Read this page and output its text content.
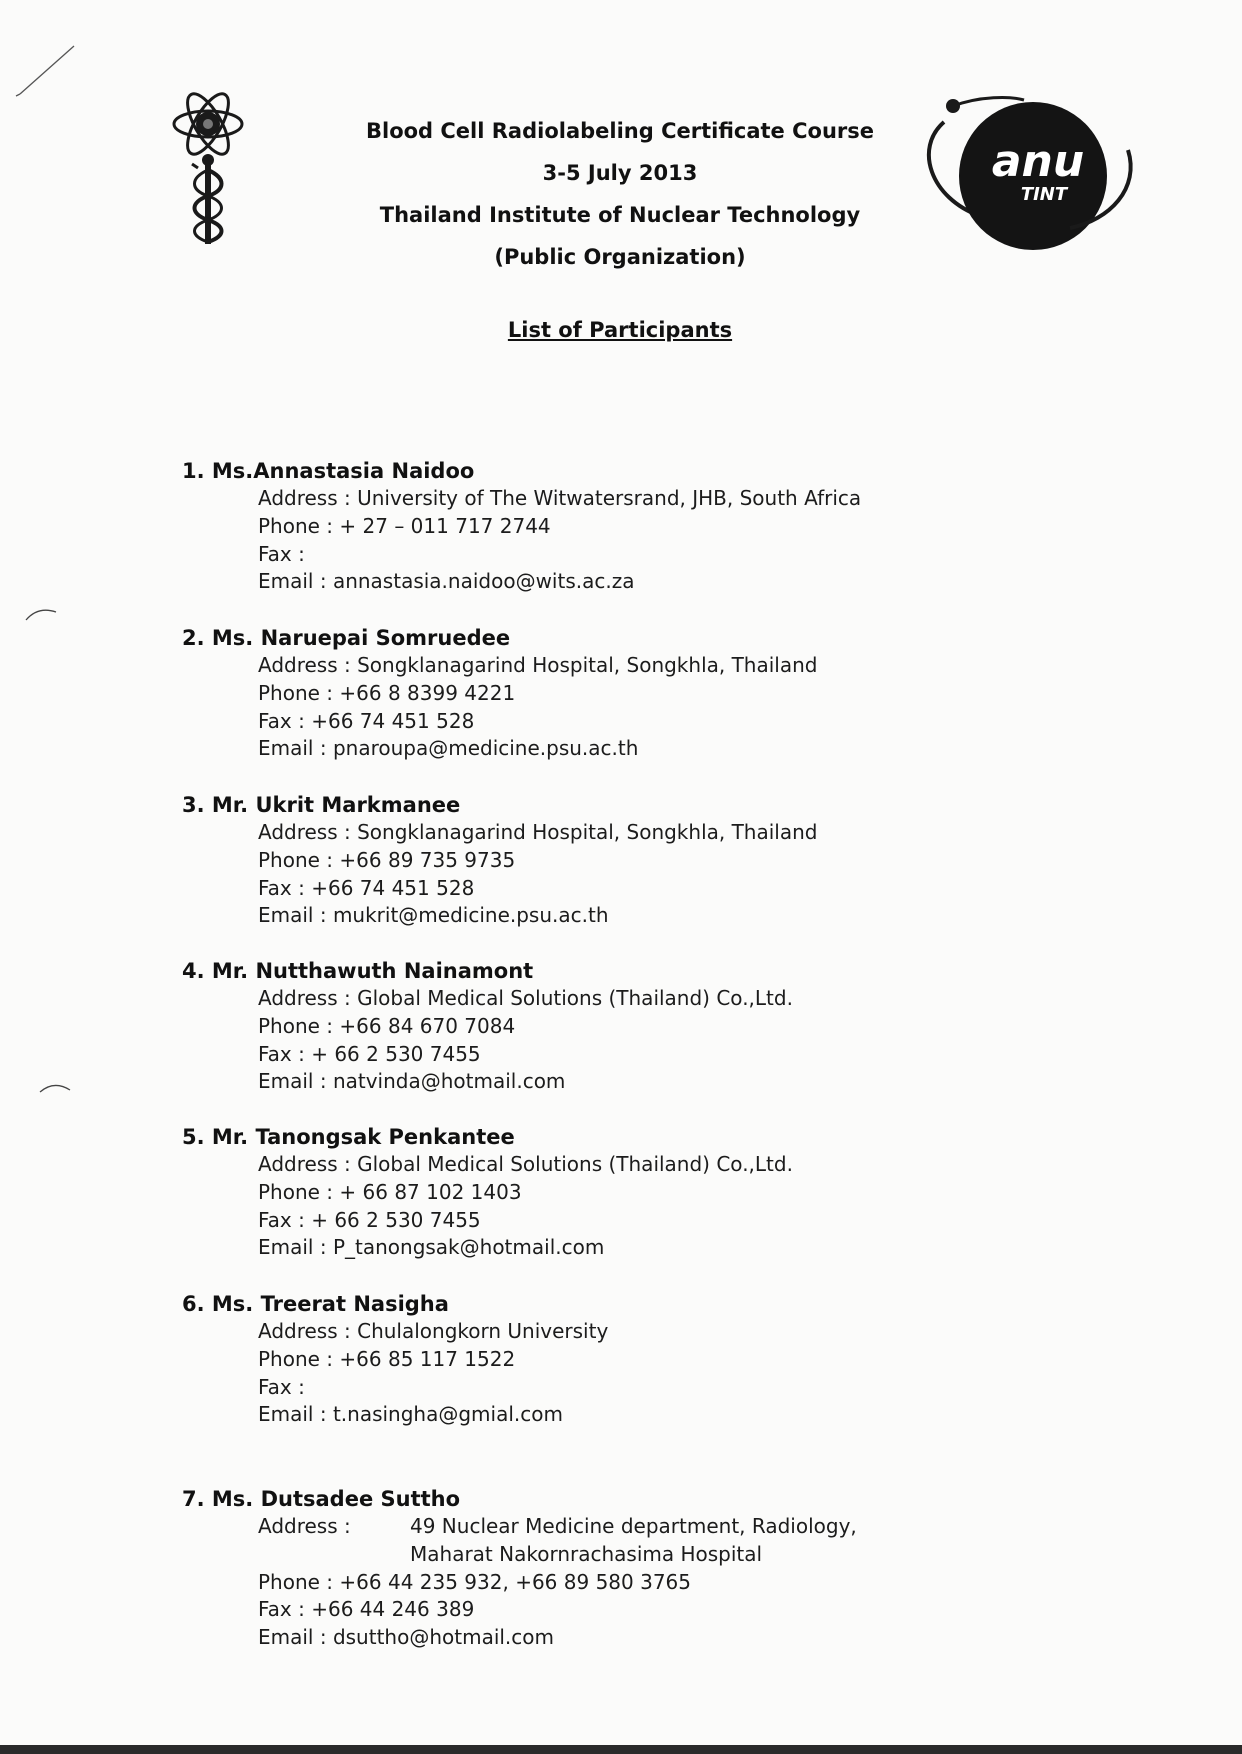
anu
TINT
Blood Cell Radiolabeling Certificate Course
3-5 July 2013
Thailand Institute of Nuclear Technology
(Public Organization)
List of Participants
1. Ms.Annastasia Naidoo
Address : University of The Witwatersrand, JHB, South Africa
Phone : + 27 – 011 717 2744
Fax :
Email : annastasia.naidoo@wits.ac.za
2. Ms. Naruepai Somruedee
Address : Songklanagarind Hospital, Songkhla, Thailand
Phone : +66 8 8399 4221
Fax : +66 74 451 528
Email : pnaroupa@medicine.psu.ac.th
3. Mr. Ukrit Markmanee
Address : Songklanagarind Hospital, Songkhla, Thailand
Phone : +66 89 735 9735
Fax : +66 74 451 528
Email : mukrit@medicine.psu.ac.th
4. Mr. Nutthawuth Nainamont
Address : Global Medical Solutions (Thailand) Co.,Ltd.
Phone : +66 84 670 7084
Fax : + 66 2 530 7455
Email : natvinda@hotmail.com
5. Mr. Tanongsak Penkantee
Address : Global Medical Solutions (Thailand) Co.,Ltd.
Phone : + 66 87 102 1403
Fax : + 66 2 530 7455
Email : P_tanongsak@hotmail.com
6. Ms. Treerat Nasigha
Address : Chulalongkorn University
Phone : +66 85 117 1522
Fax :
Email : t.nasingha@gmial.com
7. Ms. Dutsadee Suttho
Address :	49 Nuclear Medicine department, Radiology,
Maharat Nakornrachasima Hospital
Phone : +66 44 235 932, +66 89 580 3765
Fax : +66 44 246 389
Email : dsuttho@hotmail.com
